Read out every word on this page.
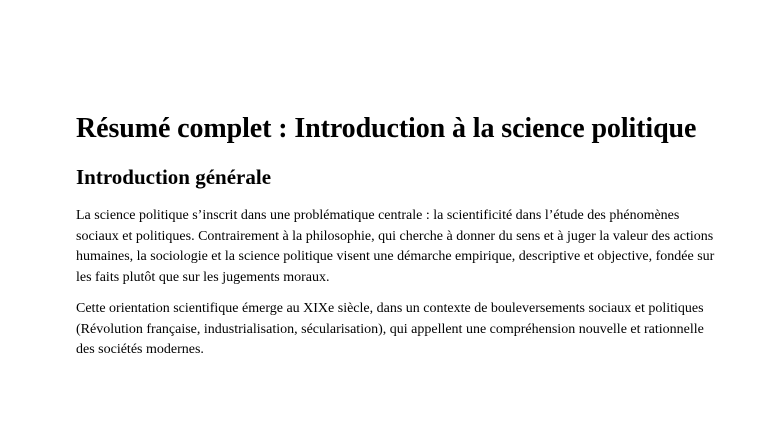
Résumé complet : Introduction à la science politique
Introduction générale

La science politique s’inscrit dans une problématique centrale : la scientificité dans l’étude des phénomènes sociaux et politiques. Contrairement à la philosophie, qui cherche à donner du sens et à juger la valeur des actions humaines, la sociologie et la science politique visent une démarche empirique, descriptive et objective, fondée sur les faits plutôt que sur les jugements moraux.

Cette orientation scientifique émerge au XIXe siècle, dans un contexte de bouleversements sociaux et politiques (Révolution française, industrialisation, sécularisation), qui appellent une compréhension nouvelle et rationnelle des sociétés modernes.
